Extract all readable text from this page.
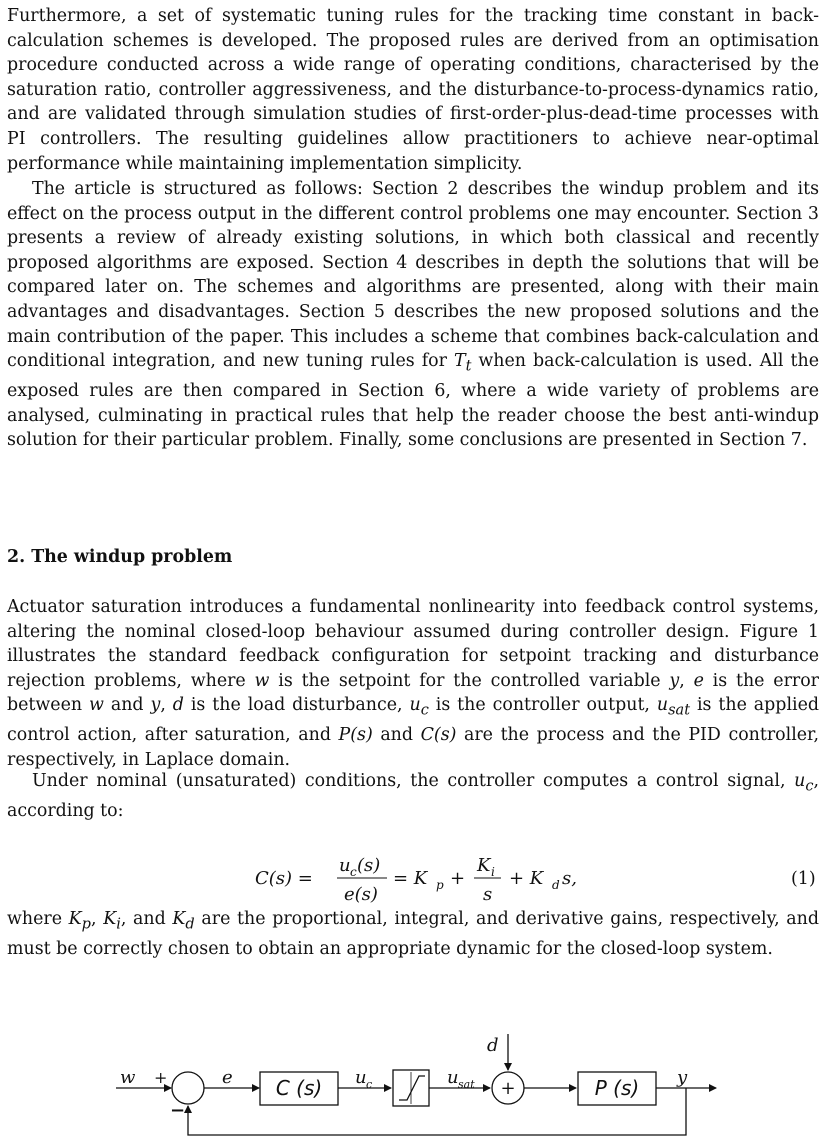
Furthermore, a set of systematic tuning rules for the tracking time constant in back-calculation schemes is developed. The proposed rules are derived from an optimisation procedure conducted across a wide range of operating conditions, characterised by the saturation ratio, controller aggressiveness, and the disturbance-to-process-dynamics ratio, and are validated through simulation studies of first-order-plus-dead-time processes with PI controllers. The resulting guidelines allow practitioners to achieve near-optimal performance while maintaining implementation simplicity.

The article is structured as follows: Section 2 describes the windup problem and its effect on the process output in the different control problems one may encounter. Section 3 presents a review of already existing solutions, in which both classical and recently proposed algorithms are exposed. Section 4 describes in depth the solutions that will be compared later on. The schemes and algorithms are presented, along with their main advantages and disadvantages. Section 5 describes the new proposed solutions and the main contribution of the paper. This includes a scheme that combines back-calculation and conditional integration, and new tuning rules for $T_t$ when back-calculation is used. All the exposed rules are then compared in Section 6, where a wide variety of problems are analysed, culminating in practical rules that help the reader choose the best anti-windup solution for their particular problem. Finally, some conclusions are presented in Section 7.

2. The windup problem

Actuator saturation introduces a fundamental nonlinearity into feedback control systems, altering the nominal closed-loop behaviour assumed during controller design. Figure 1 illustrates the standard feedback configuration for setpoint tracking and disturbance rejection problems, where w is the setpoint for the controlled variable y, e is the error between w and y, d is the load disturbance, $u_c$ is the controller output, $u_{sat}$ is the applied control action, after saturation, and P(s) and C(s) are the process and the PID controller, respectively, in Laplace domain.

Under nominal (unsaturated) conditions, the controller computes a control signal, $u_c$, according to:

C(s) =
u c (s)
e(s)
= K p +
K i
s
+ K d s,	(1)

where $K_p$, $K_i$, and $K_d$ are the proportional, integral, and derivative gains, respectively, and must be correctly chosen to obtain an appropriate dynamic for the closed-loop system.

w +
−
e C (s) u c	u sat
d
+	P (s) y
